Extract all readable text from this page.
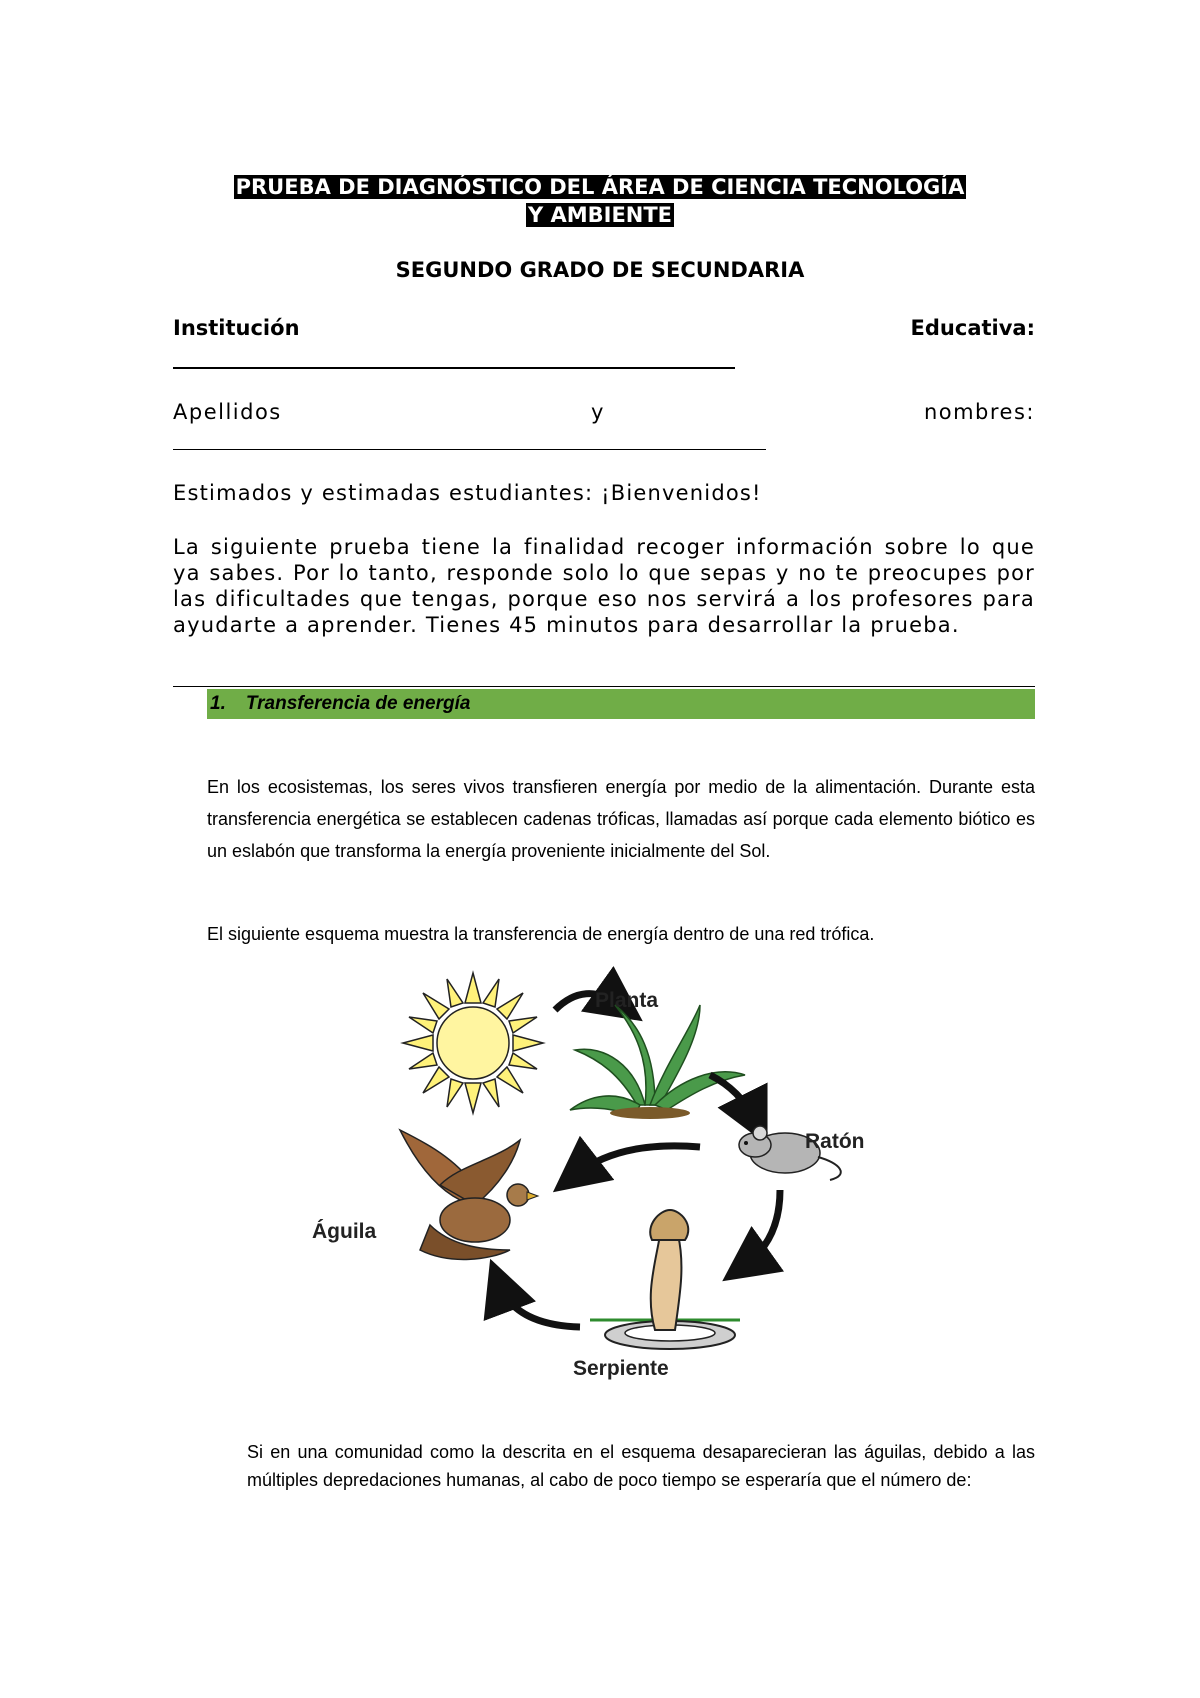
PRUEBA DE DIAGNÓSTICO DEL ÁREA DE CIENCIA TECNOLOGÍA
Y AMBIENTE
SEGUNDO GRADO DE SECUNDARIA
Institución	Educativa:
Apellidos	y	nombres:
Estimados y estimadas estudiantes: ¡Bienvenidos!
La siguiente prueba tiene la finalidad recoger información sobre lo que ya sabes. Por lo tanto, responde solo lo que sepas y no te preocupes por las dificultades que tengas, porque eso nos servirá a los profesores para ayudarte a aprender. Tienes 45 minutos para desarrollar la prueba.
1. Transferencia de energía
En los ecosistemas, los seres vivos transfieren energía por medio de la alimentación. Durante esta transferencia energética se establecen cadenas tróficas, llamadas así porque cada elemento biótico es un eslabón que transforma la energía proveniente inicialmente del Sol.
El siguiente esquema muestra la transferencia de energía dentro de una red trófica.
Planta
Ratón
Serpiente
Águila
Si en una comunidad como la descrita en el esquema desaparecieran las águilas, debido a las múltiples depredaciones humanas, al cabo de poco tiempo se esperaría que el número de:
